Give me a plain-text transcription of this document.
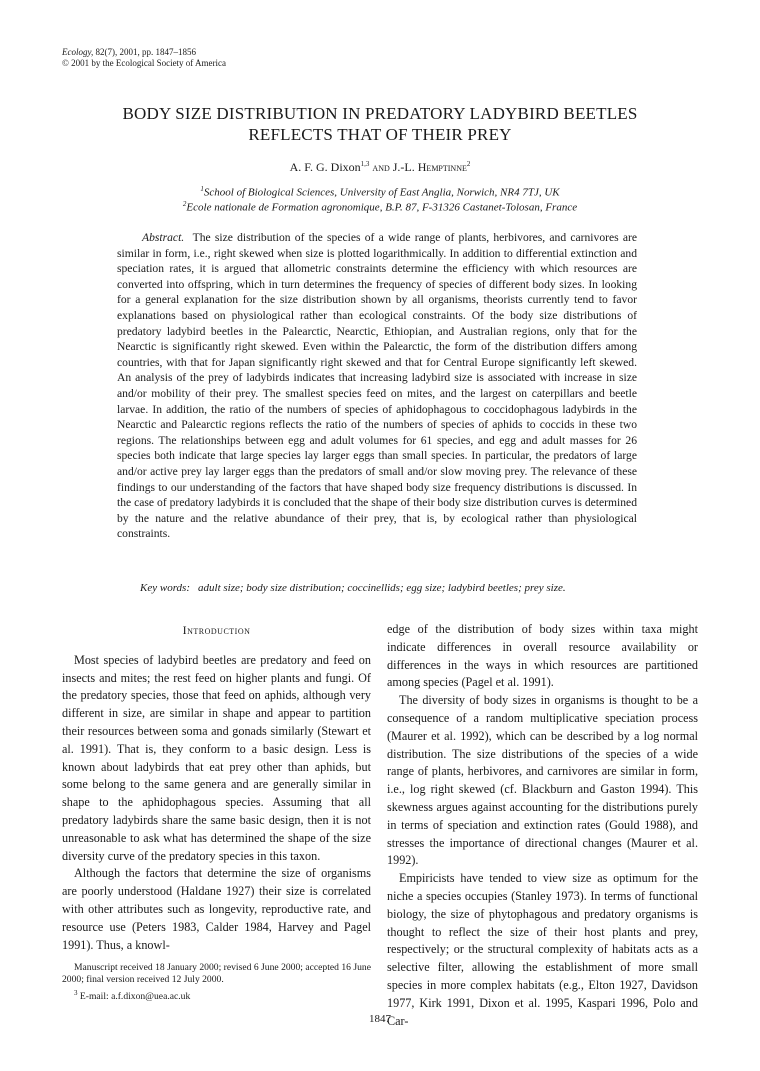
Ecology, 82(7), 2001, pp. 1847–1856
© 2001 by the Ecological Society of America
BODY SIZE DISTRIBUTION IN PREDATORY LADYBIRD BEETLES
REFLECTS THAT OF THEIR PREY
A. F. G. Dixon$^{1,3}$ and J.-L. Hemptinne$^2$
$^1$School of Biological Sciences, University of East Anglia, Norwich, NR4 7TJ, UK
$^2$Ecole nationale de Formation agronomique, B.P. 87, F-31326 Castanet-Tolosan, France
Abstract. The size distribution of the species of a wide range of plants, herbivores, and carnivores are similar in form, i.e., right skewed when size is plotted logarithmically. In addition to differential extinction and speciation rates, it is argued that allometric constraints determine the efficiency with which resources are converted into offspring, which in turn determines the frequency of species of different body sizes. In looking for a general explanation for the size distribution shown by all organisms, theorists currently tend to favor explanations based on physiological rather than ecological constraints. Of the body size distributions of predatory ladybird beetles in the Palearctic, Nearctic, Ethiopian, and Australian regions, only that for the Nearctic is significantly right skewed. Even within the Palearctic, the form of the distribution differs among countries, with that for Japan significantly right skewed and that for Central Europe significantly left skewed. An analysis of the prey of ladybirds indicates that increasing ladybird size is associated with increase in size and/or mobility of their prey. The smallest species feed on mites, and the largest on caterpillars and beetle larvae. In addition, the ratio of the numbers of species of aphidophagous to coccidophagous ladybirds in the Nearctic and Palearctic regions reflects the ratio of the numbers of species of aphids to coccids in these two regions. The relationships between egg and adult volumes for 61 species, and egg and adult masses for 26 species both indicate that large species lay larger eggs than small species. In particular, the predators of large and/or active prey lay larger eggs than the predators of small and/or slow moving prey. The relevance of these findings to our understanding of the factors that have shaped body size frequency distributions is discussed. In the case of predatory ladybirds it is concluded that the shape of their body size distribution curves is determined by the nature and the relative abundance of their prey, that is, by ecological rather than physiological constraints.
Key words: adult size; body size distribution; coccinellids; egg size; ladybird beetles; prey size.
Introduction

Most species of ladybird beetles are predatory and feed on insects and mites; the rest feed on higher plants and fungi. Of the predatory species, those that feed on aphids, although very different in size, are similar in shape and appear to partition their resources between soma and gonads similarly (Stewart et al. 1991). That is, they conform to a basic design. Less is known about ladybirds that eat prey other than aphids, but some belong to the same genera and are generally similar in shape to the aphidophagous species. Assuming that all predatory ladybirds share the same basic design, then it is not unreasonable to ask what has determined the shape of the size diversity curve of the predatory species in this taxon.

Although the factors that determine the size of organisms are poorly understood (Haldane 1927) their size is correlated with other attributes such as longevity, reproductive rate, and resource use (Peters 1983, Calder 1984, Harvey and Pagel 1991). Thus, a knowl-

edge of the distribution of body sizes within taxa might indicate differences in overall resource availability or differences in the ways in which resources are partitioned among species (Pagel et al. 1991).

The diversity of body sizes in organisms is thought to be a consequence of a random multiplicative speciation process (Maurer et al. 1992), which can be described by a log normal distribution. The size distributions of the species of a wide range of plants, herbivores, and carnivores are similar in form, i.e., log right skewed (cf. Blackburn and Gaston 1994). This skewness argues against accounting for the distributions purely in terms of speciation and extinction rates (Gould 1988), and stresses the importance of directional changes (Maurer et al. 1992).

Empiricists have tended to view size as optimum for the niche a species occupies (Stanley 1973). In terms of functional biology, the size of phytophagous and predatory organisms is thought to reflect the size of their host plants and prey, respectively; or the structural complexity of habitats acts as a selective filter, allowing the establishment of more small species in more complex habitats (e.g., Elton 1927, Davidson 1977, Kirk 1991, Dixon et al. 1995, Kaspari 1996, Polo and Car-

Manuscript received 18 January 2000; revised 6 June 2000; accepted 16 June 2000; final version received 12 July 2000.

$^3$ E-mail: a.f.dixon@uea.ac.uk

1847
